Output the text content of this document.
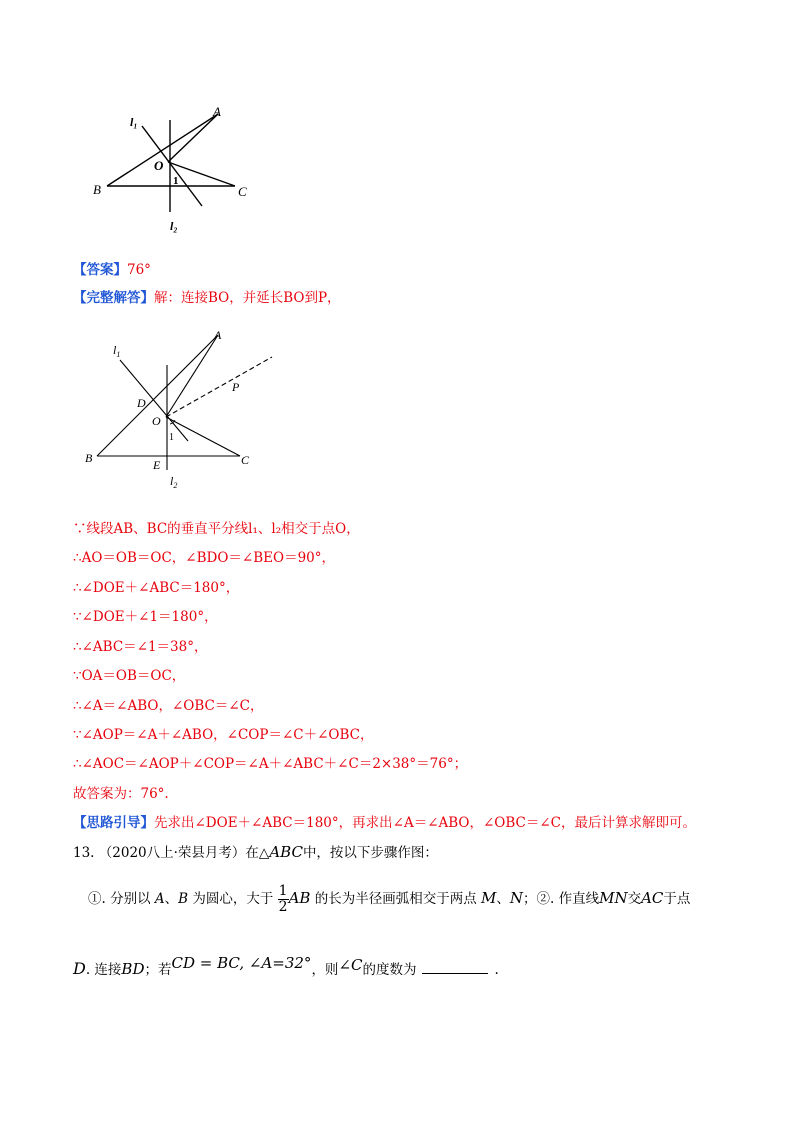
A
B	C
O
1
l₁
l₂
【答案】76°
【完整解答】解：连接BO，并延长BO到P，
A
B	C
D
E
O
P
1
$l_1$
$l_2$
∵线段AB、BC的垂直平分线l₁、l₂相交于点O，
∴AO＝OB＝OC，∠BDO＝∠BEO＝90°，
∴∠DOE＋∠ABC＝180°，
∵∠DOE＋∠1＝180°，
∴∠ABC＝∠1＝38°，
∵OA＝OB＝OC，
∴∠A＝∠ABO，∠OBC＝∠C，
∵∠AOP＝∠A＋∠ABO，∠COP＝∠C＋∠OBC，
∴∠AOC＝∠AOP＋∠COP＝∠A＋∠ABC＋∠C＝2×38°＝76°；
故答案为：76°.
【思路引导】先求出∠DOE＋∠ABC＝180°，再求出∠A＝∠ABO，∠OBC＝∠C，最后计算求解即可。
13. （2020八上·荣县月考）在△ABC中，按以下步骤作图：
①. 分别以 A、B 为圆心，大于 $\frac{1}{2}$ AB 的长为半径画弧相交于两点 M、N；②. 作直线MN交AC于点
D. 连接BD；若CD = BC, ∠A=32°，则∠C的度数为	.
